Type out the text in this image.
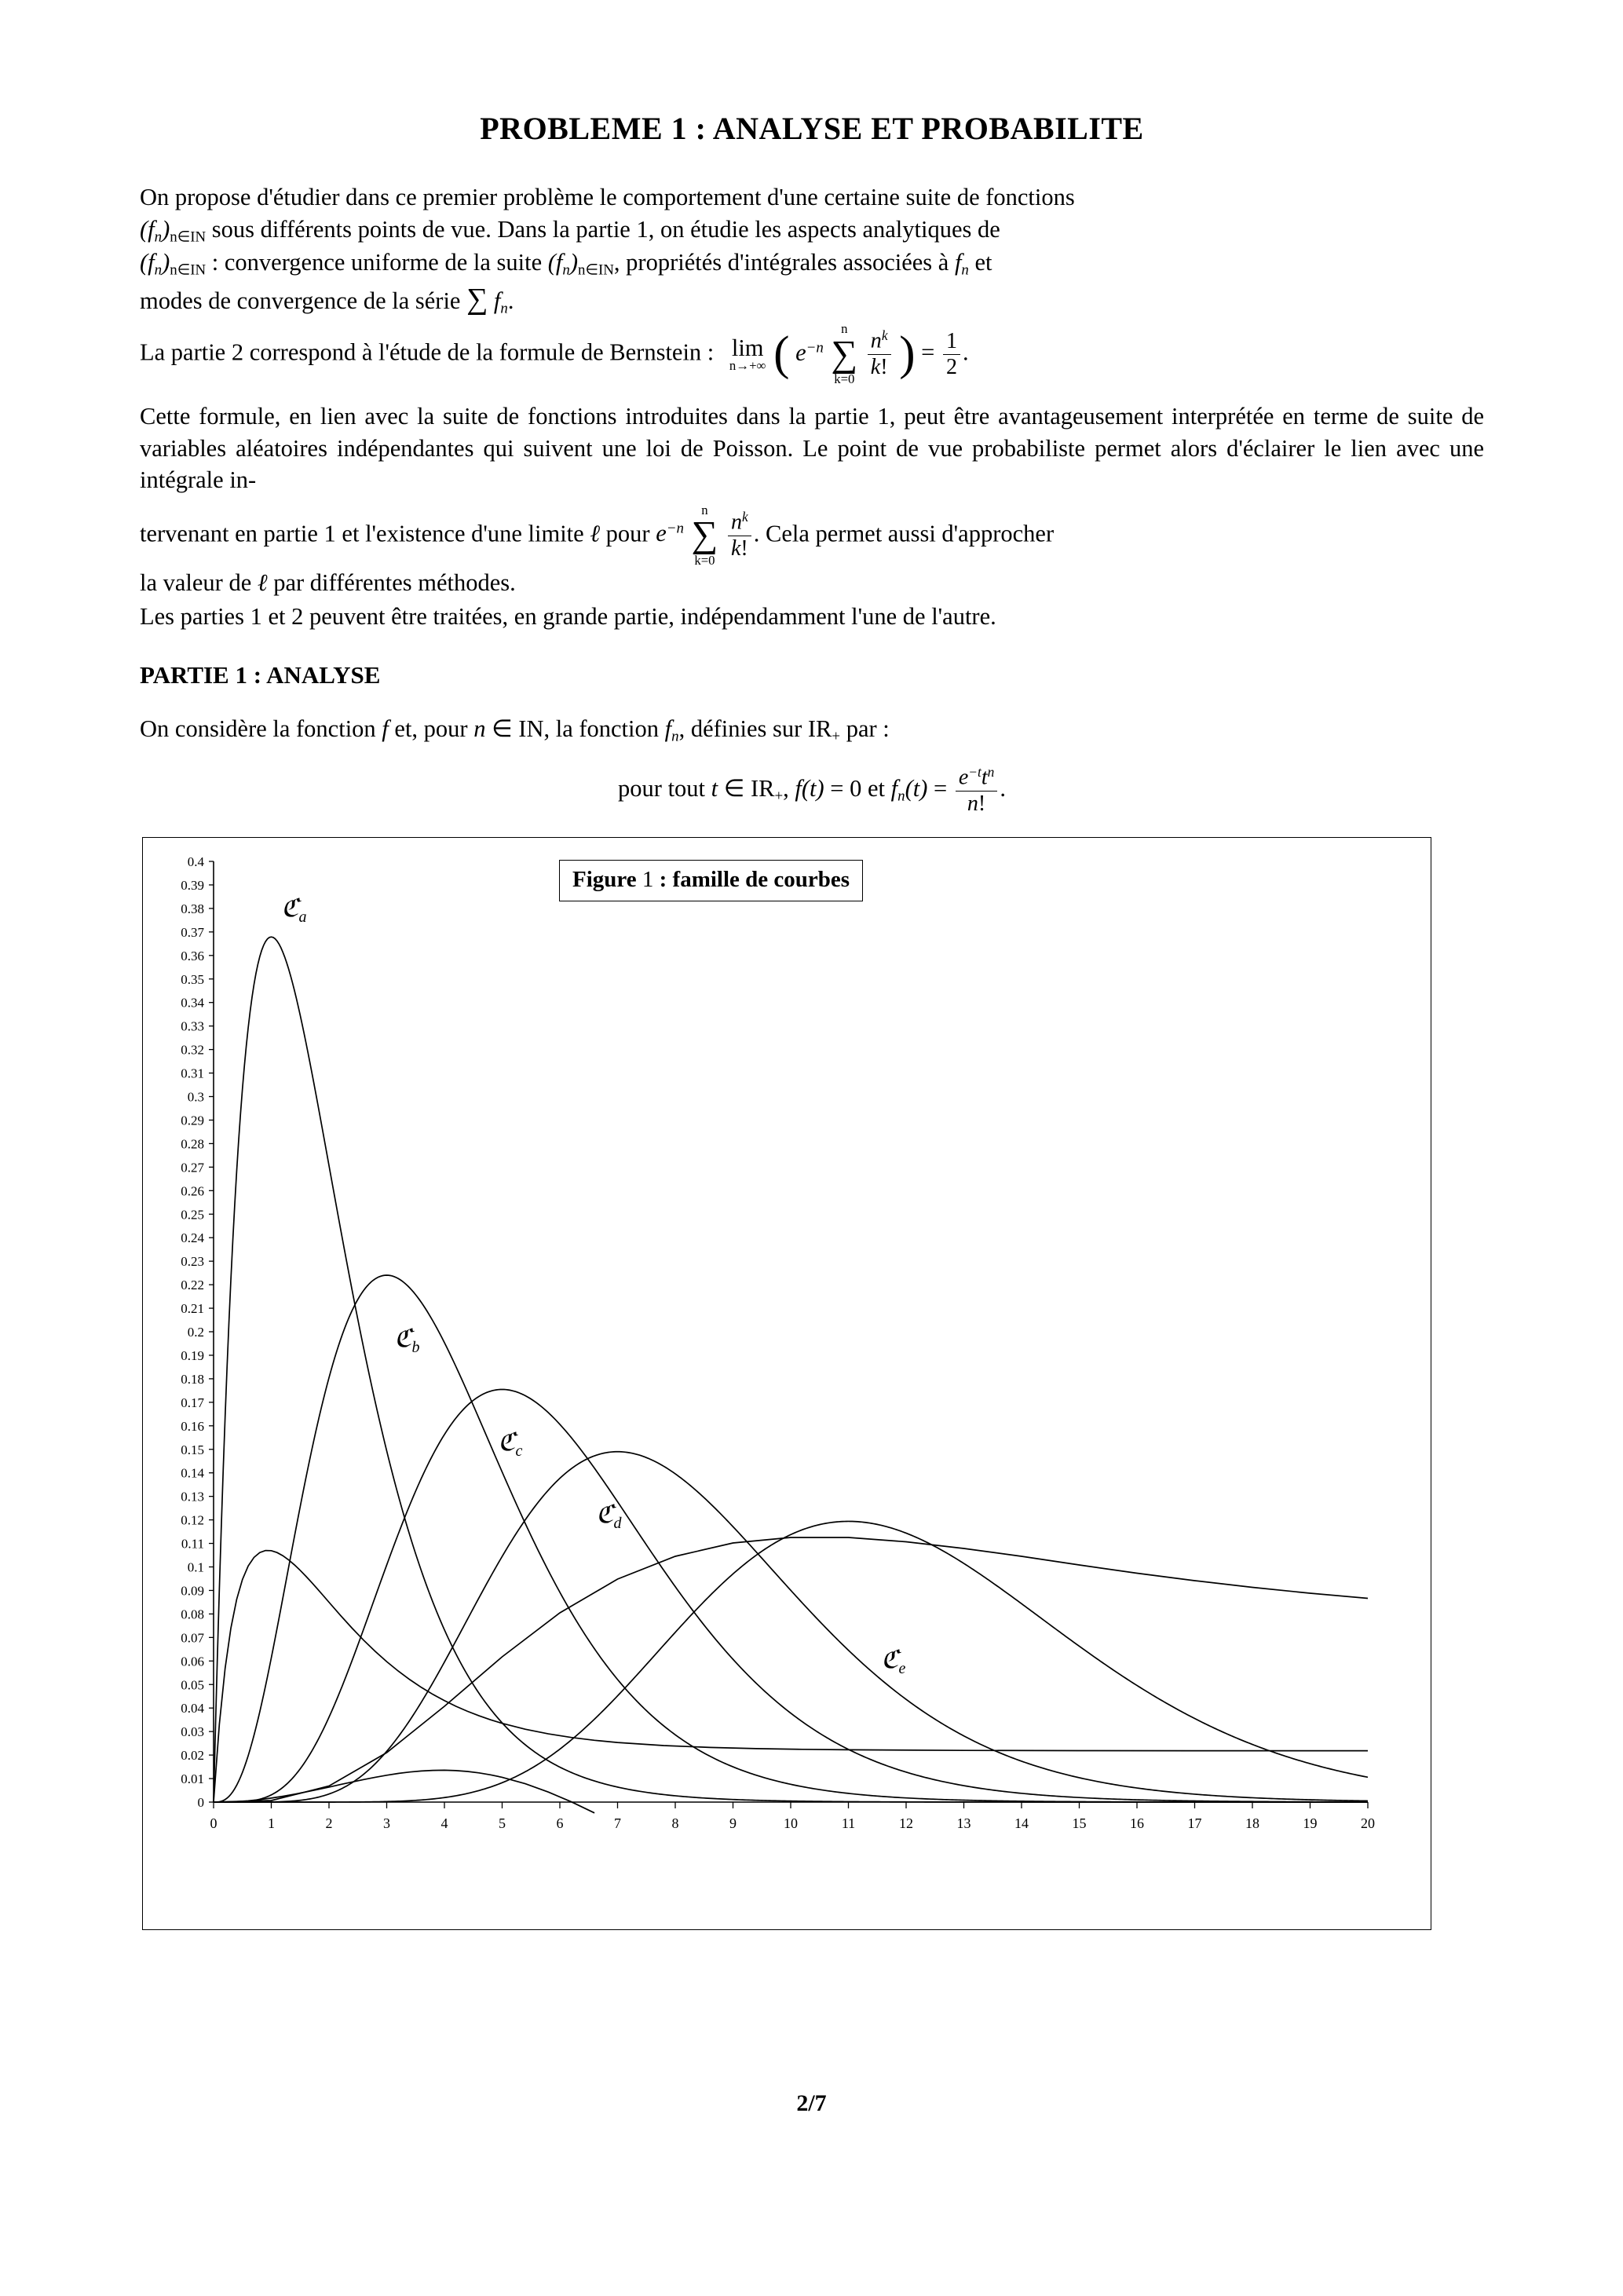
PROBLEME 1 : ANALYSE ET PROBABILITE

On propose d'étudier dans ce premier problème le comportement d'une certaine suite de fonctions
$(f_n)n\in IN$ sous différents points de vue. Dans la partie 1, on étudie les aspects analytiques de
$(f_n)n\in IN$ : convergence uniforme de la suite $(f_n)n\in IN$, propriétés d'intégrales associées à $f_n$ et
modes de convergence de la série ∑ $f_n$.

La partie 2 correspond à l'étude de la formule de Bernstein : lim
n→+∞ ( $e^{-n}$
n
∑
k=0
$\frac{n^k}{k!}$ ) = $\frac{1}{2}$ .

Cette formule, en lien avec la suite de fonctions introduites dans la partie 1, peut être avantageusement interprétée en terme de suite de variables aléatoires indépendantes qui suivent une loi de Poisson. Le point de vue probabiliste permet alors d'éclairer le lien avec une intégrale in-

tervenant en partie 1 et l'existence d'une limite ℓ pour $e^{-n}$
n
∑
k=0
$\frac{n^k}{k!}$ . Cela permet aussi d'approcher
la valeur de ℓ par différentes méthodes.

Les parties 1 et 2 peuvent être traitées, en grande partie, indépendamment l'une de l'autre.

PARTIE 1 : ANALYSE

On considère la fonction f et, pour n ∈ IN, la fonction $f_n$, définies sur IR+ par :

pour tout t ∈ IR+, f(t) = 0 et $f_n(t) = \frac{e^{-t}t^n}{n!}$ .
Figure 1 : famille de courbes
0
0.01
0.02
0.03
0.04
0.05
0.06
0.07
0.08
0.09
0.1
0.11
0.12
0.13
0.14
0.15
0.16
0.17
0.18
0.19
0.2
0.21
0.22
0.23
0.24
0.25
0.26
0.27
0.28
0.29
0.3
0.31
0.32
0.33
0.34
0.35
0.36
0.37
0.38
0.39
0.4
0	1	2	3	4	5	6	7	8	9	10	11	12	13	14	15	16	17	18	19	20
ℭ$_a$
ℭ$_b$
ℭ$_c$
ℭ$_d$
ℭ$_e$
2/7
